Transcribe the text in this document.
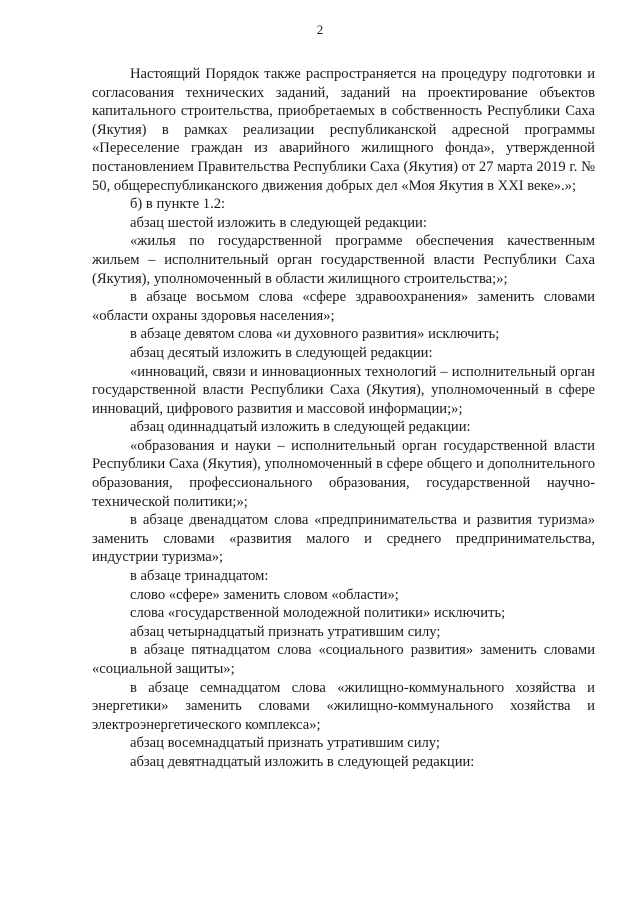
2

Настоящий Порядок также распространяется на процедуру подготовки и согласования технических заданий, заданий на проектирование объектов капитального строительства, приобретаемых в собственность Республики Саха (Якутия) в рамках реализации республиканской адресной программы «Переселение граждан из аварийного жилищного фонда», утвержденной постановлением Правительства Республики Саха (Якутия) от 27 марта 2019 г. № 50, общереспубликанского движения добрых дел «Моя Якутия в XXI веке».»;

б) в пункте 1.2:

абзац шестой изложить в следующей редакции:

«жилья по государственной программе обеспечения качественным жильем – исполнительный орган государственной власти Республики Саха (Якутия), уполномоченный в области жилищного строительства;»;

в абзаце восьмом слова «сфере здравоохранения» заменить словами «области охраны здоровья населения»;

в абзаце девятом слова «и духовного развития» исключить;

абзац десятый изложить в следующей редакции:

«инноваций, связи и инновационных технологий – исполнительный орган государственной власти Республики Саха (Якутия), уполномоченный в сфере инноваций, цифрового развития и массовой информации;»;

абзац одиннадцатый изложить в следующей редакции:

«образования и науки – исполнительный орган государственной власти Республики Саха (Якутия), уполномоченный в сфере общего и дополнительного образования, профессионального образования, государственной научно-технической политики;»;

в абзаце двенадцатом слова «предпринимательства и развития туризма» заменить словами «развития малого и среднего предпринимательства, индустрии туризма»;

в абзаце тринадцатом:

слово «сфере» заменить словом «области»;

слова «государственной молодежной политики» исключить;

абзац четырнадцатый признать утратившим силу;

в абзаце пятнадцатом слова «социального развития» заменить словами «социальной защиты»;

в абзаце семнадцатом слова «жилищно-коммунального хозяйства и энергетики» заменить словами «жилищно-коммунального хозяйства и электроэнергетического комплекса»;

абзац восемнадцатый признать утратившим силу;

абзац девятнадцатый изложить в следующей редакции:
